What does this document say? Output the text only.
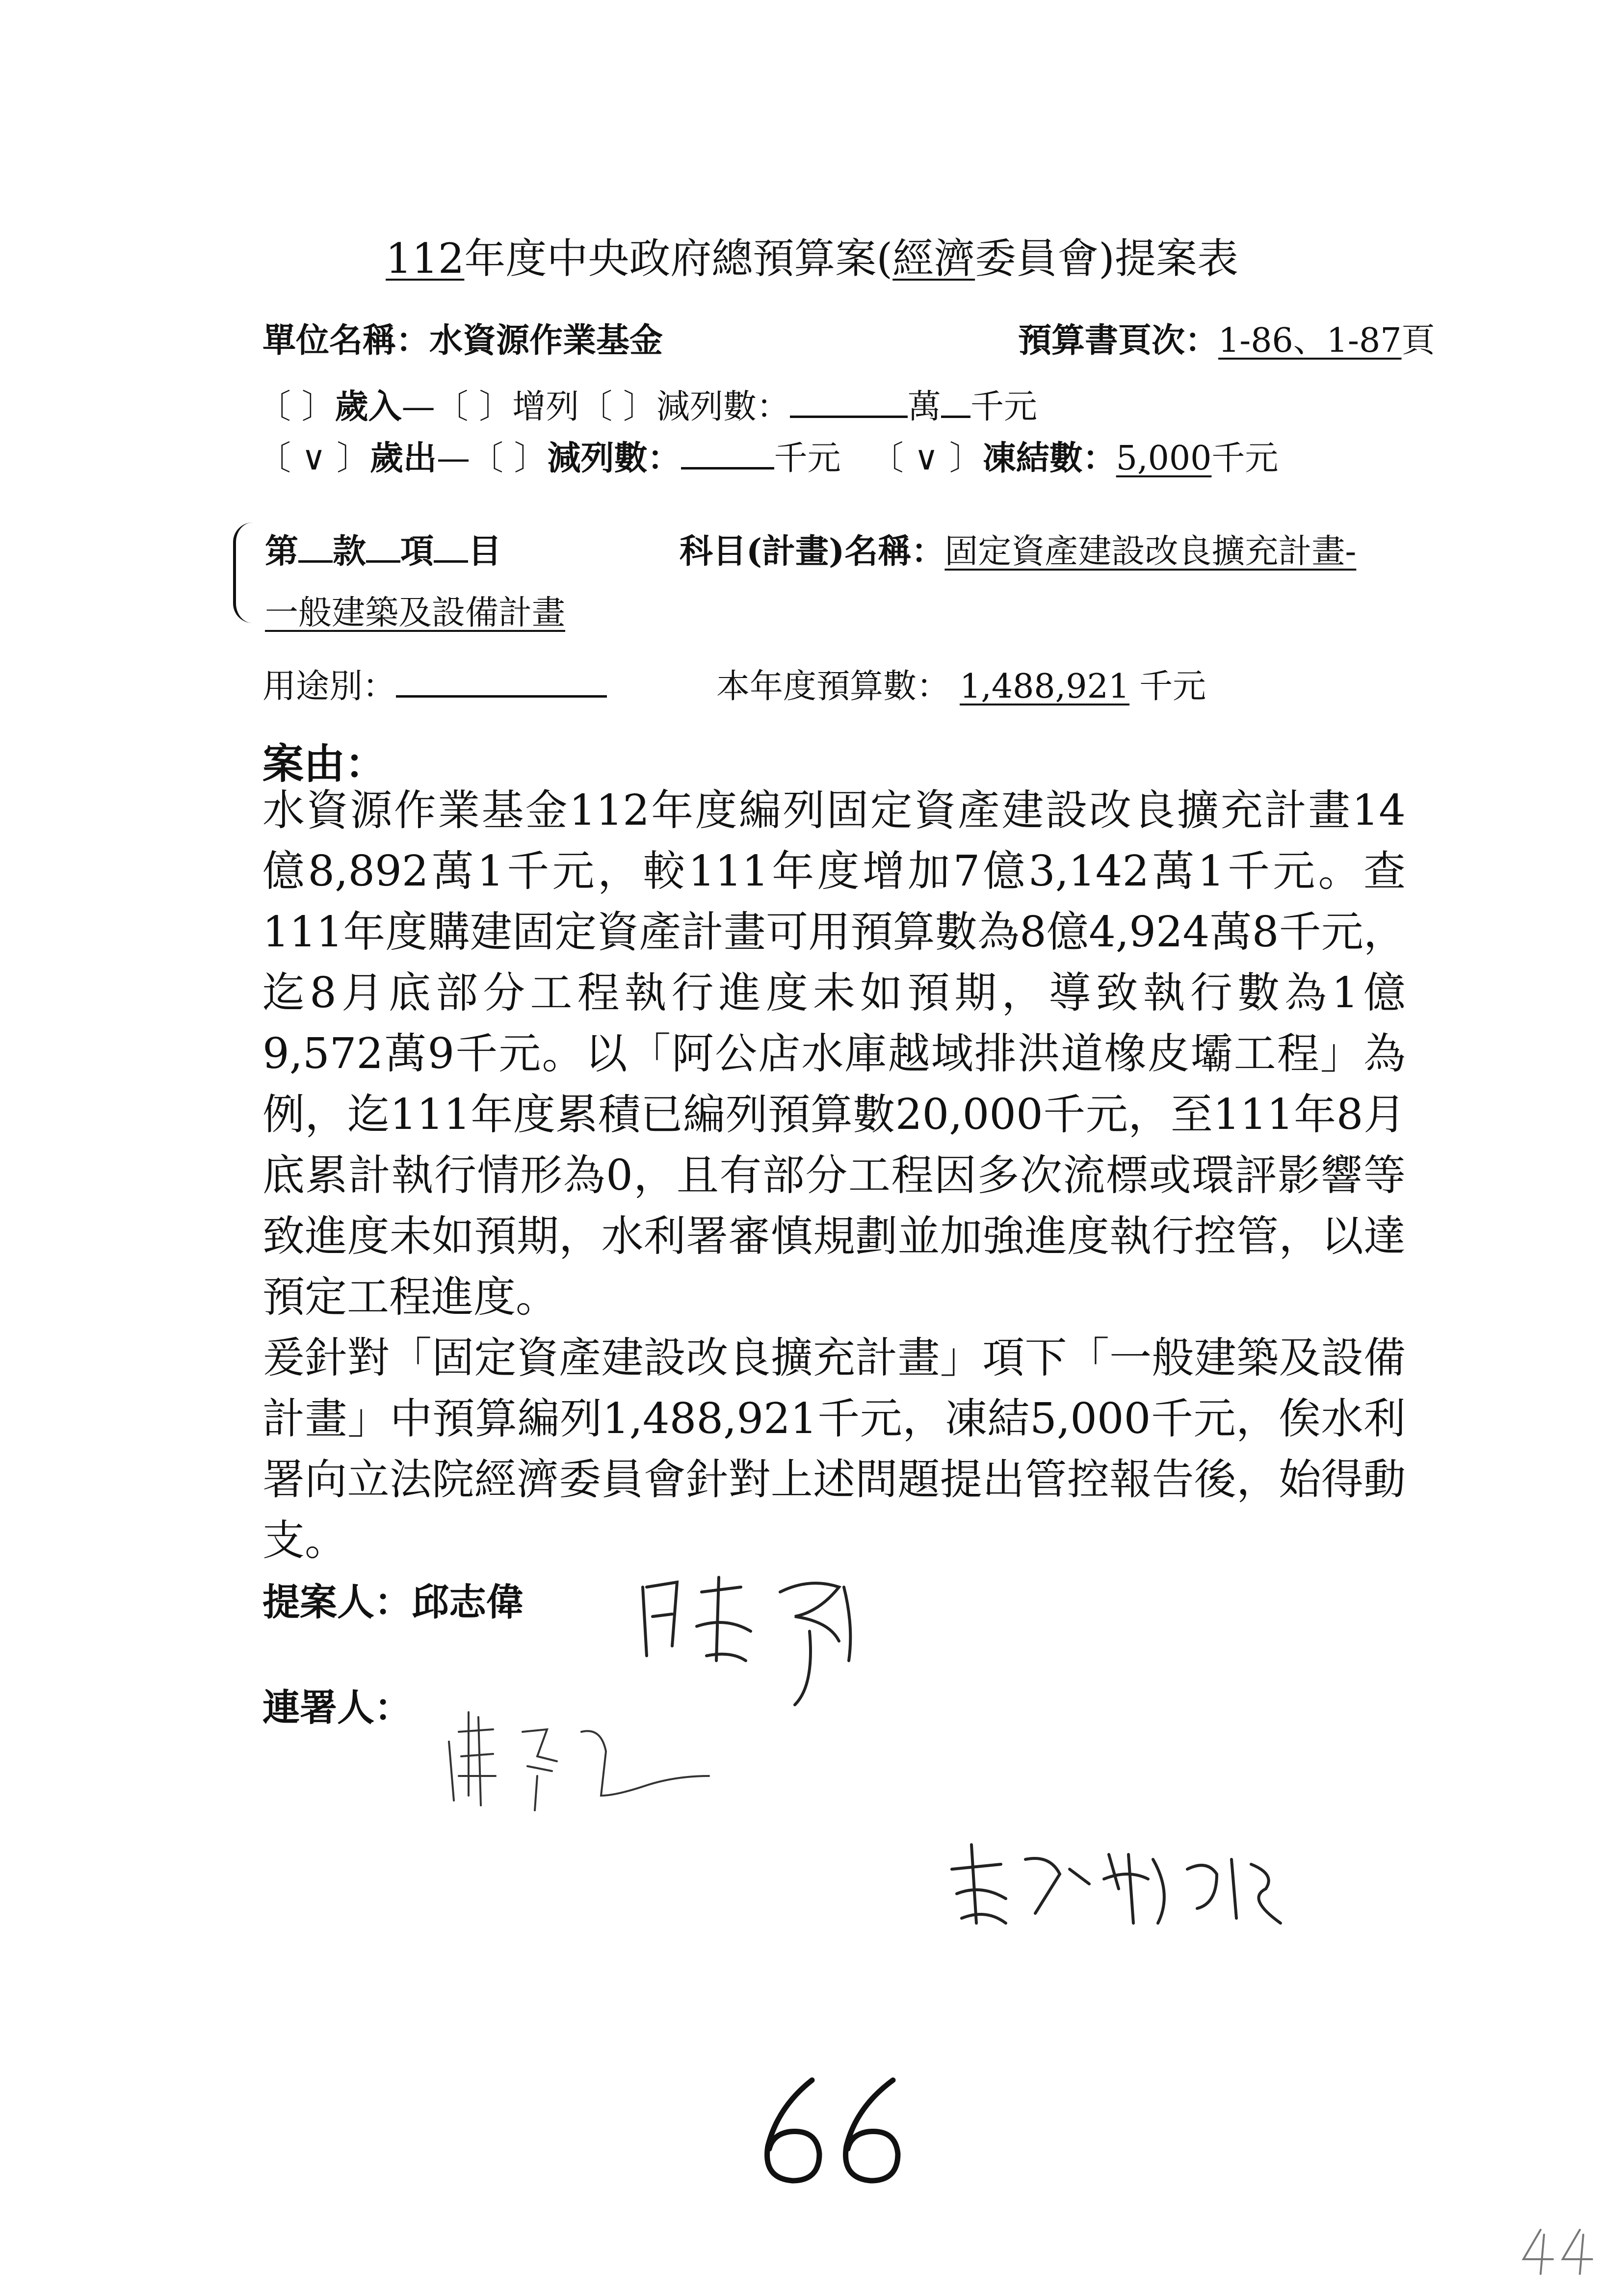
112年度中央政府總預算案(經濟委員會)提案表
單位名稱：水資源作業基金	預算書頁次：1-86、1-87頁
〔 〕歲入—〔 〕增列〔 〕減列數：	萬 千元
〔 ∨ 〕歲出—〔 〕減列數：	千元 〔 ∨ 〕凍結數：5,000千元
第 款 項 目	科目(計畫)名稱：固定資產建設改良擴充計畫-
一般建築及設備計畫
用途別：	本年度預算數： 1,488,921 千元
案由：

水資源作業基金112年度編列固定資產建設改良擴充計畫14億8,892萬1千元，較111年度增加7億3,142萬1千元。查111年度購建固定資產計畫可用預算數為8億4,924萬8千元，迄8月底部分工程執行進度未如預期，導致執行數為1億9,572萬9千元。以「阿公店水庫越域排洪道橡皮壩工程」為例，迄111年度累積已編列預算數20,000千元，至111年8月底累計執行情形為0，且有部分工程因多次流標或環評影響等致進度未如預期，水利署審慎規劃並加強進度執行控管，以達預定工程進度。

爰針對「固定資產建設改良擴充計畫」項下「一般建築及設備計畫」中預算編列1,488,921千元，凍結5,000千元，俟水利署向立法院經濟委員會針對上述問題提出管控報告後，始得動支。

提案人：邱志偉
連署人：
